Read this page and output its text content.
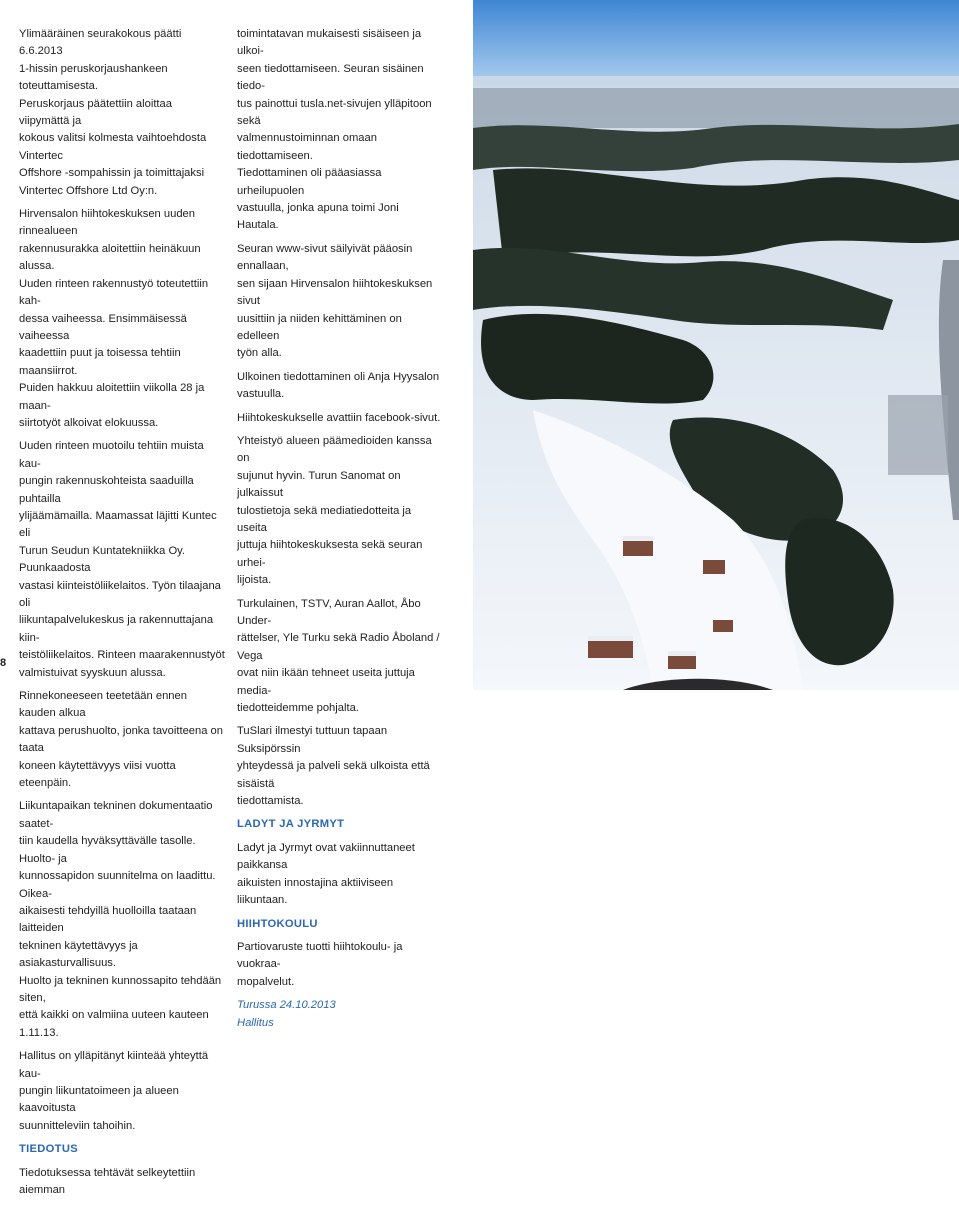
Ylimääräinen seurakokous päätti 6.6.2013
1-hissin peruskorjaushankeen toteuttamisesta.
Peruskorjaus päätettiin aloittaa viipymättä ja
kokous valitsi kolmesta vaihtoehdosta Vintertec
Offshore -sompahissin ja toimittajaksi
Vintertec Offshore Ltd Oy:n.

Hirvensalon hiihtokeskuksen uuden rinnealueen
rakennusurakka aloitettiin heinäkuun alussa.
Uuden rinteen rakennustyö toteutettiin kah-
dessa vaiheessa. Ensimmäisessä vaiheessa
kaadettiin puut ja toisessa tehtiin maansiirrot.
Puiden hakkuu aloitettiin viikolla 28 ja maan-
siirtotyöt alkoivat elokuussa.

Uuden rinteen muotoilu tehtiin muista kau-
pungin rakennuskohteista saaduilla puhtailla
ylijäämämailla. Maamassat läjitti Kuntec eli
Turun Seudun Kuntatekniikka Oy. Puunkaadosta
vastasi kiinteistöliikelaitos. Työn tilaajana oli
liikuntapalvelukeskus ja rakennuttajana kiin-
teistöliikelaitos. Rinteen maarakennustyöt
valmistuivat syyskuun alussa.

Rinnekoneeseen teetetään ennen kauden alkua
kattava perushuolto, jonka tavoitteena on taata
koneen käytettävyys viisi vuotta eteenpäin.

Liikuntapaikan tekninen dokumentaatio saatet-
tiin kaudella hyväksyttävälle tasolle. Huolto- ja
kunnossapidon suunnitelma on laadittu. Oikea-
aikaisesti tehdyillä huolloilla taataan laitteiden
tekninen käytettävyys ja asiakasturvallisuus.
Huolto ja tekninen kunnossapito tehdään siten,
että kaikki on valmiina uuteen kauteen 1.11.13.

Hallitus on ylläpitänyt kiinteää yhteyttä kau-
pungin liikuntatoimeen ja alueen kaavoitusta
suunnitteleviin tahoihin.

TIEDOTUS

Tiedotuksessa tehtävät selkeytettiin aiemman

toimintatavan mukaisesti sisäiseen ja ulkoi-
seen tiedottamiseen. Seuran sisäinen tiedo-
tus painottui tusla.net-sivujen ylläpitoon sekä
valmennustoiminnan omaan tiedottamiseen.
Tiedottaminen oli pääasiassa urheilupuolen
vastuulla, jonka apuna toimi Joni Hautala.

Seuran www-sivut säilyivät pääosin ennallaan,
sen sijaan Hirvensalon hiihtokeskuksen sivut
uusittiin ja niiden kehittäminen on edelleen
työn alla.

Ulkoinen tiedottaminen oli Anja Hyysalon
vastuulla.

Hiihtokeskukselle avattiin facebook-sivut.

Yhteistyö alueen päämedioiden kanssa on
sujunut hyvin. Turun Sanomat on julkaissut
tulostietoja sekä mediatiedotteita ja useita
juttuja hiihtokeskuksesta sekä seuran urhei-
lijoista.

Turkulainen, TSTV, Auran Aallot, Åbo Under-
rättelser, Yle Turku sekä Radio Åboland / Vega
ovat niin ikään tehneet useita juttuja media-
tiedotteidemme pohjalta.

TuSlari ilmestyi tuttuun tapaan Suksipörssin
yhteydessä ja palveli sekä ulkoista että sisäistä
tiedottamista.

LADYT JA JYRMYT

Ladyt ja Jyrmyt ovat vakiinnuttaneet paikkansa
aikuisten innostajina aktiiviseen liikuntaan.

HIIHTOKOULU

Partiovaruste tuotti hiihtokoulu- ja vuokraa-
mopalvelut.

Turussa 24.10.2013

Hallitus

8
